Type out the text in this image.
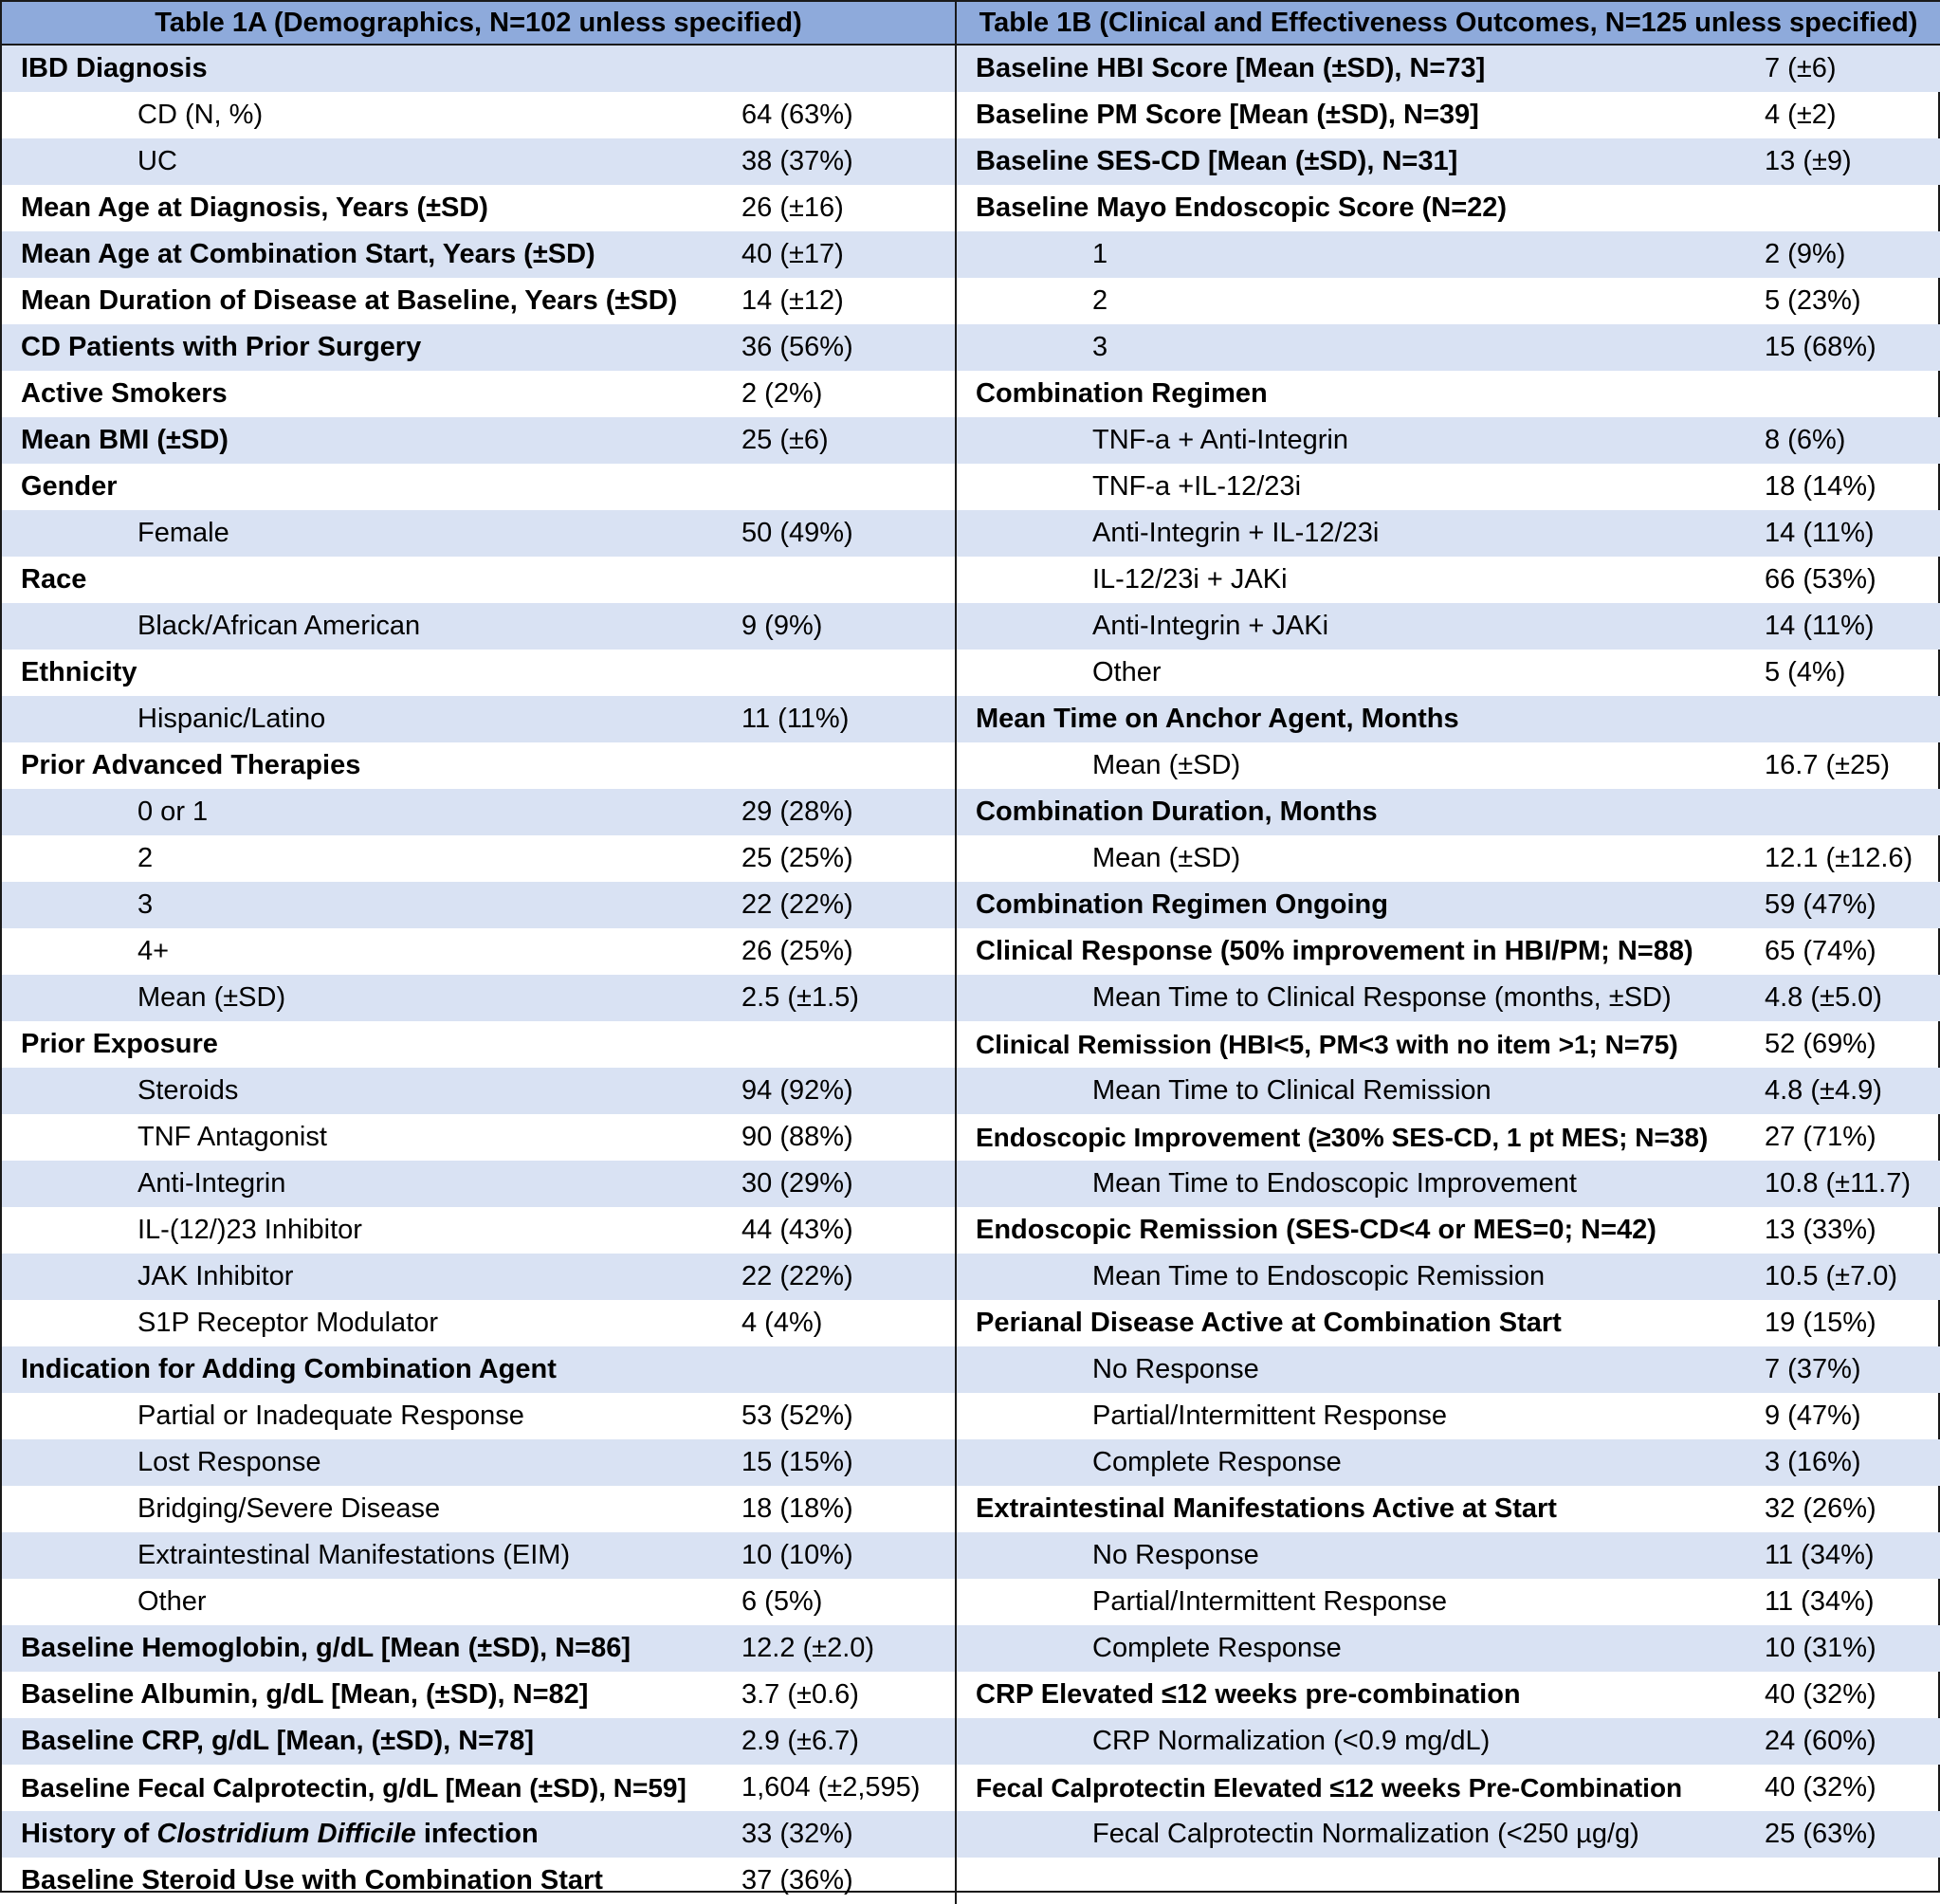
Table 1A (Demographics, N=102 unless specified)
IBD Diagnosis
CD (N, %)	64 (63%)
UC	38 (37%)
Mean Age at Diagnosis, Years (±SD)	26 (±16)
Mean Age at Combination Start, Years (±SD)	40 (±17)
Mean Duration of Disease at Baseline, Years (±SD)	14 (±12)
CD Patients with Prior Surgery	36 (56%)
Active Smokers	2 (2%)
Mean BMI (±SD)	25 (±6)
Gender
Female	50 (49%)
Race
Black/African American	9 (9%)
Ethnicity
Hispanic/Latino	11 (11%)
Prior Advanced Therapies
0 or 1	29 (28%)
2	25 (25%)
3	22 (22%)
4+	26 (25%)
Mean (±SD)	2.5 (±1.5)
Prior Exposure
Steroids	94 (92%)
TNF Antagonist	90 (88%)
Anti-Integrin	30 (29%)
IL-(12/)23 Inhibitor	44 (43%)
JAK Inhibitor	22 (22%)
S1P Receptor Modulator	4 (4%)
Indication for Adding Combination Agent
Partial or Inadequate Response	53 (52%)
Lost Response	15 (15%)
Bridging/Severe Disease	18 (18%)
Extraintestinal Manifestations (EIM)	10 (10%)
Other	6 (5%)
Baseline Hemoglobin, g/dL [Mean (±SD), N=86]	12.2 (±2.0)
Baseline Albumin, g/dL [Mean, (±SD), N=82]	3.7 (±0.6)
Baseline CRP, g/dL [Mean, (±SD), N=78]	2.9 (±6.7)
Baseline Fecal Calprotectin, g/dL [Mean (±SD), N=59]	1,604 (±2,595)
History of Clostridium Difficile infection	33 (32%)
Baseline Steroid Use with Combination Start	37 (36%)
Table 1B (Clinical and Effectiveness Outcomes, N=125 unless specified)
Baseline HBI Score [Mean (±SD), N=73]	7 (±6)
Baseline PM Score [Mean (±SD), N=39]	4 (±2)
Baseline SES-CD [Mean (±SD), N=31]	13 (±9)
Baseline Mayo Endoscopic Score (N=22)
1	2 (9%)
2	5 (23%)
3	15 (68%)
Combination Regimen
TNF-a + Anti-Integrin	8 (6%)
TNF-a +IL-12/23i	18 (14%)
Anti-Integrin + IL-12/23i	14 (11%)
IL-12/23i + JAKi	66 (53%)
Anti-Integrin + JAKi	14 (11%)
Other	5 (4%)
Mean Time on Anchor Agent, Months
Mean (±SD)	16.7 (±25)
Combination Duration, Months
Mean (±SD)	12.1 (±12.6)
Combination Regimen Ongoing	59 (47%)
Clinical Response (50% improvement in HBI/PM; N=88)	65 (74%)
Mean Time to Clinical Response (months, ±SD)	4.8 (±5.0)
Clinical Remission (HBI<5, PM<3 with no item >1; N=75)	52 (69%)
Mean Time to Clinical Remission	4.8 (±4.9)
Endoscopic Improvement (≥30% SES-CD, 1 pt MES; N=38)	27 (71%)
Mean Time to Endoscopic Improvement	10.8 (±11.7)
Endoscopic Remission (SES-CD<4 or MES=0; N=42)	13 (33%)
Mean Time to Endoscopic Remission	10.5 (±7.0)
Perianal Disease Active at Combination Start	19 (15%)
No Response	7 (37%)
Partial/Intermittent Response	9 (47%)
Complete Response	3 (16%)
Extraintestinal Manifestations Active at Start	32 (26%)
No Response	11 (34%)
Partial/Intermittent Response	11 (34%)
Complete Response	10 (31%)
CRP Elevated ≤12 weeks pre-combination	40 (32%)
CRP Normalization (<0.9 mg/dL)	24 (60%)
Fecal Calprotectin Elevated ≤12 weeks Pre-Combination	40 (32%)
Fecal Calprotectin Normalization (<250 µg/g)	25 (63%)
